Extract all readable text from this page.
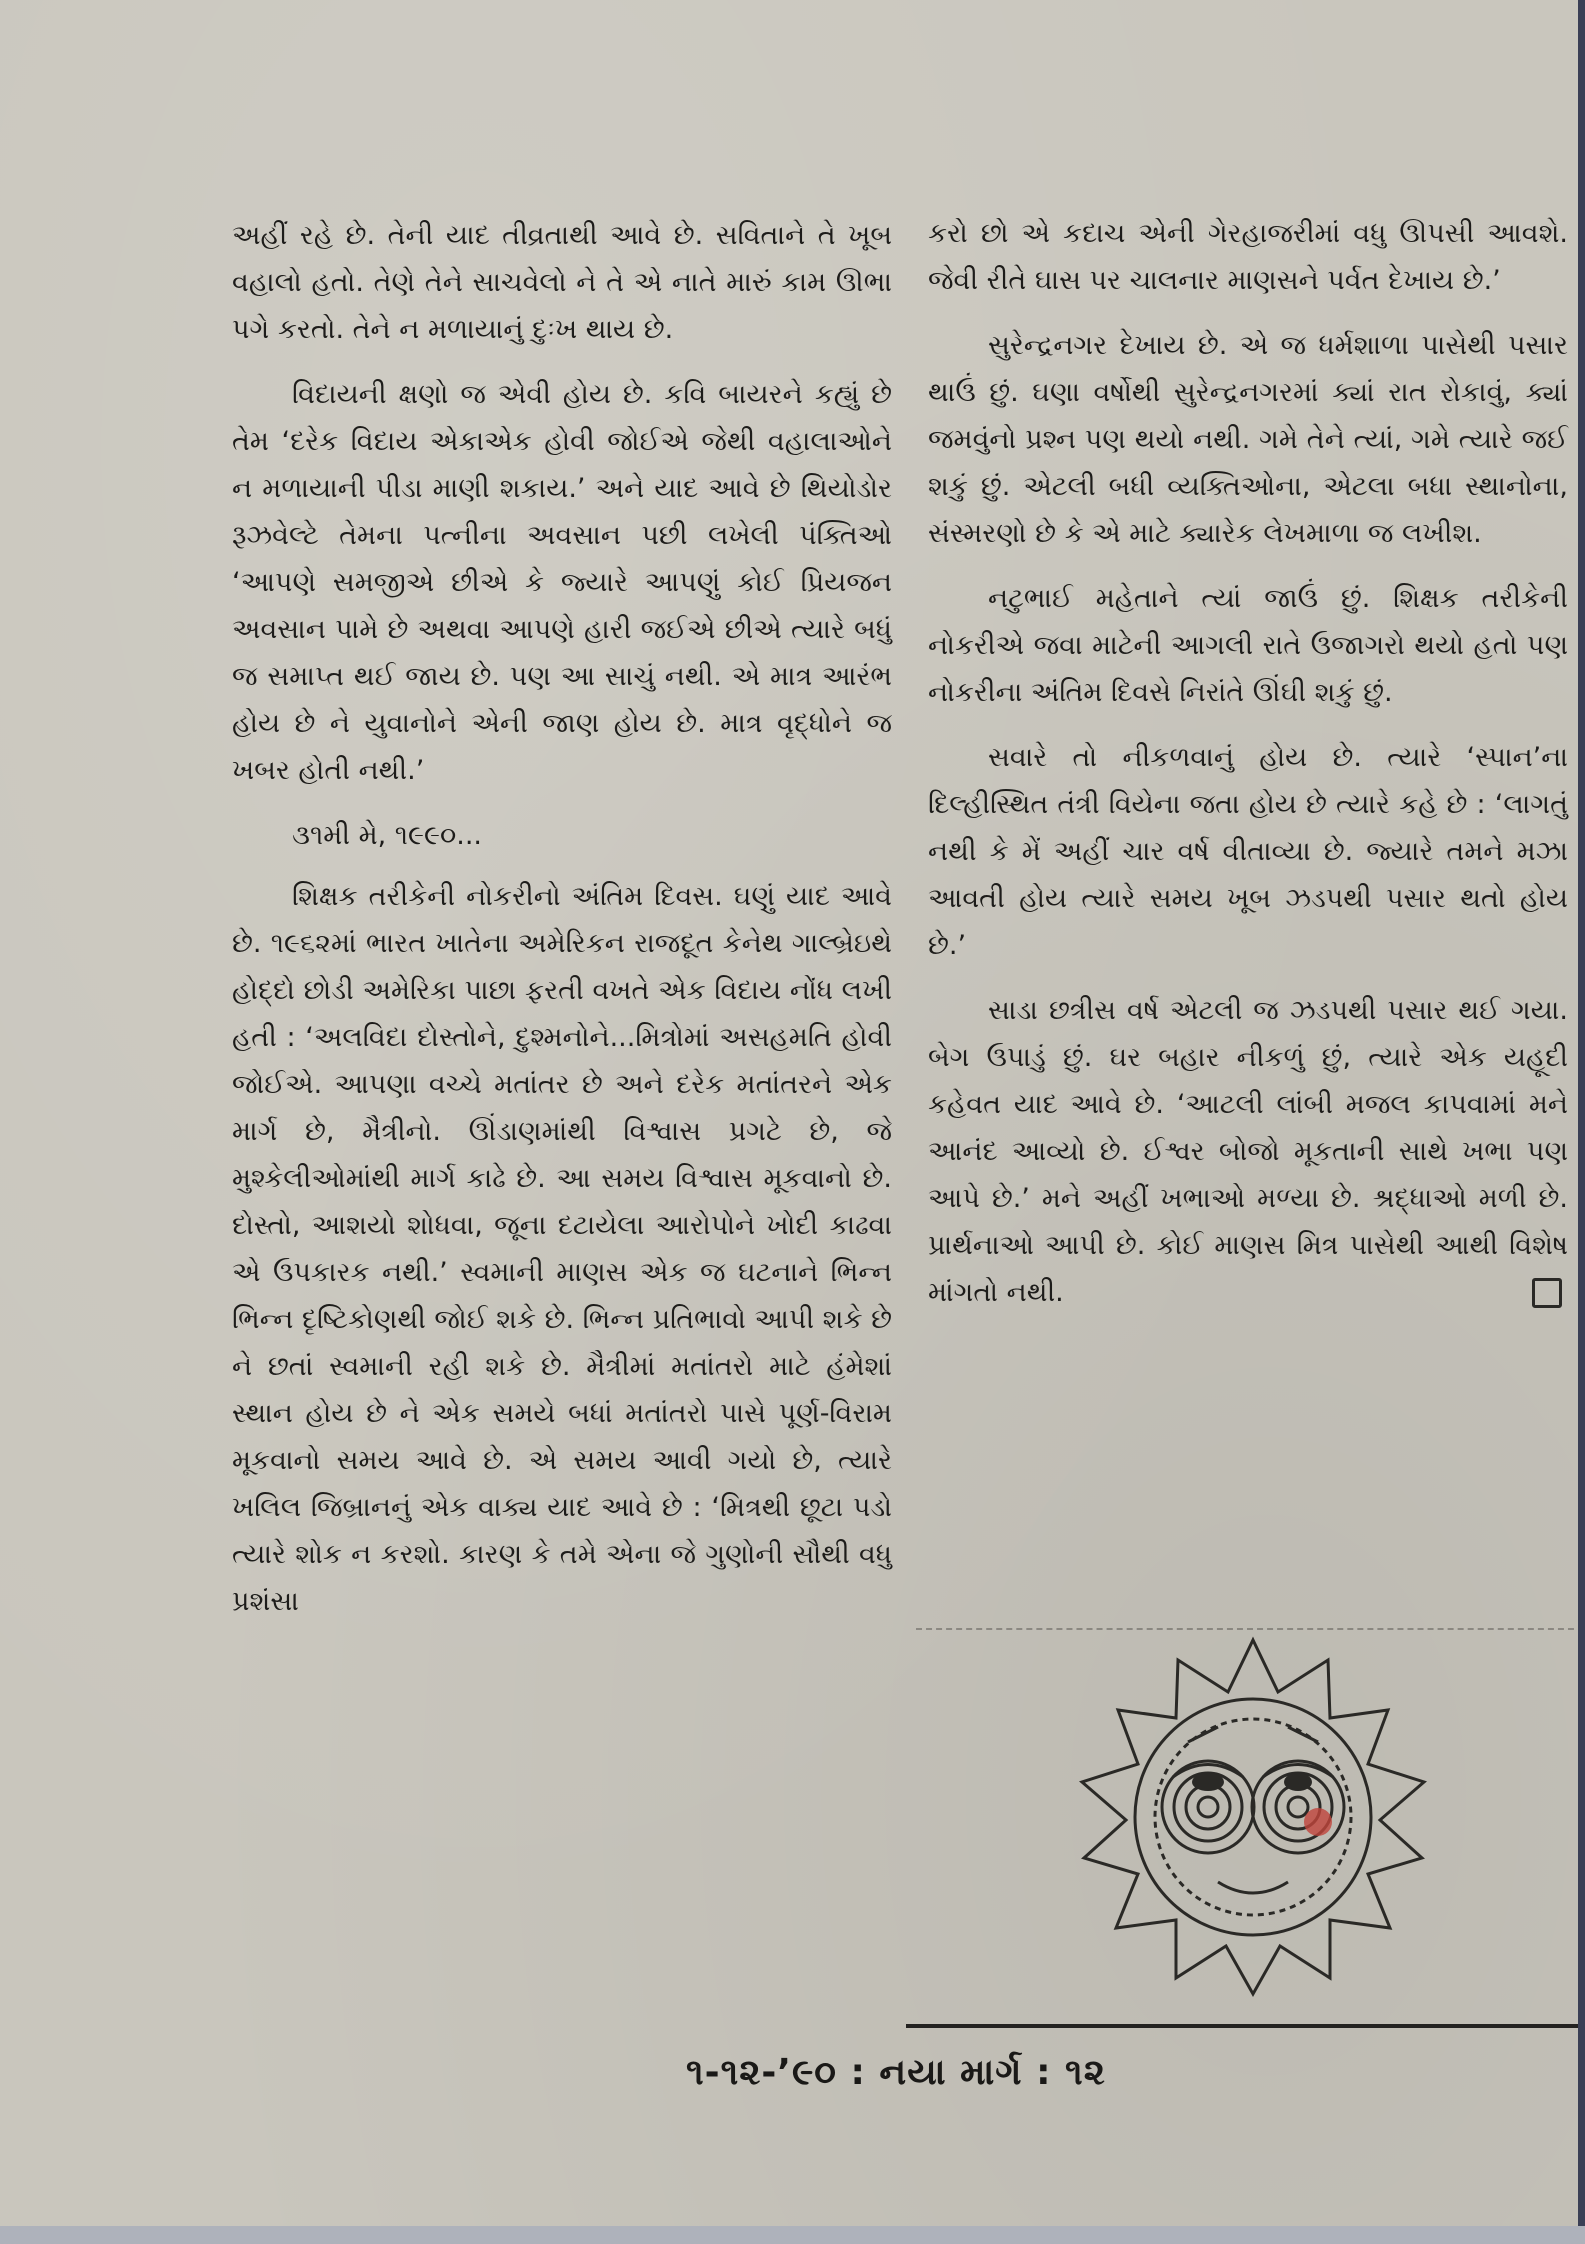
અહીં રહે છે. તેની યાદ તીવ્રતાથી આવે છે. સવિતાને તે ખૂબ વહાલો હતો. તેણે તેને સાચવેલો ને તે એ નાતે મારું કામ ઊભા પગે કરતો. તેને ન મળાયાનું દુઃખ થાય છે.

વિદાયની ક્ષણો જ એવી હોય છે. કવિ બાયરને કહ્યું છે તેમ ‘દરેક વિદાય એકાએક હોવી જોઈએ જેથી વહાલાઓને ન મળાયાની પીડા માણી શકાય.’ અને યાદ આવે છે થિયોડોર રૂઝવેલ્ટે તેમના પત્નીના અવસાન પછી લખેલી પંક્તિઓ ‘આપણે સમજીએ છીએ કે જ્યારે આપણું કોઈ પ્રિયજન અવસાન પામે છે અથવા આપણે હારી જઈએ છીએ ત્યારે બધું જ સમાપ્ત થઈ જાય છે. પણ આ સાચું નથી. એ માત્ર આરંભ હોય છે ને યુવાનોને એની જાણ હોય છે. માત્ર વૃદ્ધોને જ ખબર હોતી નથી.’

૩૧મી મે, ૧૯૯૦...

શિક્ષક તરીકેની નોકરીનો અંતિમ દિવસ. ઘણું યાદ આવે છે. ૧૯૬૨માં ભારત ખાતેના અમેરિકન રાજદૂત કેનેથ ગાલ્બ્રેઇથે હોદ્દો છોડી અમેરિકા પાછા ફરતી વખતે એક વિદાય નોંધ લખી હતી : ‘અલવિદા દોસ્તોને, દુશ્મનોને...મિત્રોમાં અસહમતિ હોવી જોઈએ. આપણા વચ્ચે મતાંતર છે અને દરેક મતાંતરને એક માર્ગ છે, મૈત્રીનો. ઊંડાણમાંથી વિશ્વાસ પ્રગટે છે, જે મુશ્કેલીઓમાંથી માર્ગ કાઢે છે. આ સમય વિશ્વાસ મૂકવાનો છે. દોસ્તો, આશયો શોધવા, જૂના દટાયેલા આરોપોને ખોદી કાઢવા એ ઉપકારક નથી.’ સ્વમાની માણસ એક જ ઘટનાને ભિન્ન ભિન્ન દૃષ્ટિકોણથી જોઈ શકે છે. ભિન્ન પ્રતિભાવો આપી શકે છે ને છતાં સ્વમાની રહી શકે છે. મૈત્રીમાં મતાંતરો માટે હંમેશાં સ્થાન હોય છે ને એક સમયે બધાં મતાંતરો પાસે પૂર્ણ-વિરામ મૂકવાનો સમય આવે છે. એ સમય આવી ગયો છે, ત્યારે ખલિલ જિબ્રાનનું એક વાક્ય યાદ આવે છે : ‘મિત્રથી છૂટા પડો ત્યારે શોક ન કરશો. કારણ કે તમે એના જે ગુણોની સૌથી વધુ પ્રશંસા

કરો છો એ કદાચ એની ગેરહાજરીમાં વધુ ઊપસી આવશે. જેવી રીતે ઘાસ પર ચાલનાર માણસને પર્વત દેખાય છે.’

સુરેન્દ્રનગર દેખાય છે. એ જ ધર્મશાળા પાસેથી પસાર થાઉં છું. ઘણા વર્ષોથી સુરેન્દ્રનગરમાં ક્યાં રાત રોકાવું, ક્યાં જમવુંનો પ્રશ્ન પણ થયો નથી. ગમે તેને ત્યાં, ગમે ત્યારે જઈ શકું છું. એટલી બધી વ્યક્તિઓના, એટલા બધા સ્થાનોના, સંસ્મરણો છે કે એ માટે ક્યારેક લેખમાળા જ લખીશ.

નટુભાઈ મહેતાને ત્યાં જાઉં છું. શિક્ષક તરીકેની નોકરીએ જવા માટેની આગલી રાતે ઉજાગરો થયો હતો પણ નોકરીના અંતિમ દિવસે નિરાંતે ઊંઘી શકું છું.

સવારે તો નીકળવાનું હોય છે. ત્યારે ‘સ્પાન’ના દિલ્હીસ્થિત તંત્રી વિયેના જતા હોય છે ત્યારે કહે છે : ‘લાગતું નથી કે મેં અહીં ચાર વર્ષ વીતાવ્યા છે. જ્યારે તમને મઝા આવતી હોય ત્યારે સમય ખૂબ ઝડપથી પસાર થતો હોય છે.’

સાડા છત્રીસ વર્ષ એટલી જ ઝડપથી પસાર થઈ ગયા. બેગ ઉપાડું છું. ઘર બહાર નીકળું છું, ત્યારે એક યહૂદી કહેવત યાદ આવે છે. ‘આટલી લાંબી મજલ કાપવામાં મને આનંદ આવ્યો છે. ઈશ્વર બોજો મૂકતાની સાથે ખભા પણ આપે છે.’ મને અહીં ખભાઓ મળ્યા છે. શ્રદ્ધાઓ મળી છે. પ્રાર્થનાઓ આપી છે. કોઈ માણસ મિત્ર પાસેથી આથી વિશેષ માંગતો નથી.

૧-૧૨-’૯૦ : નયા માર્ગ : ૧૨
